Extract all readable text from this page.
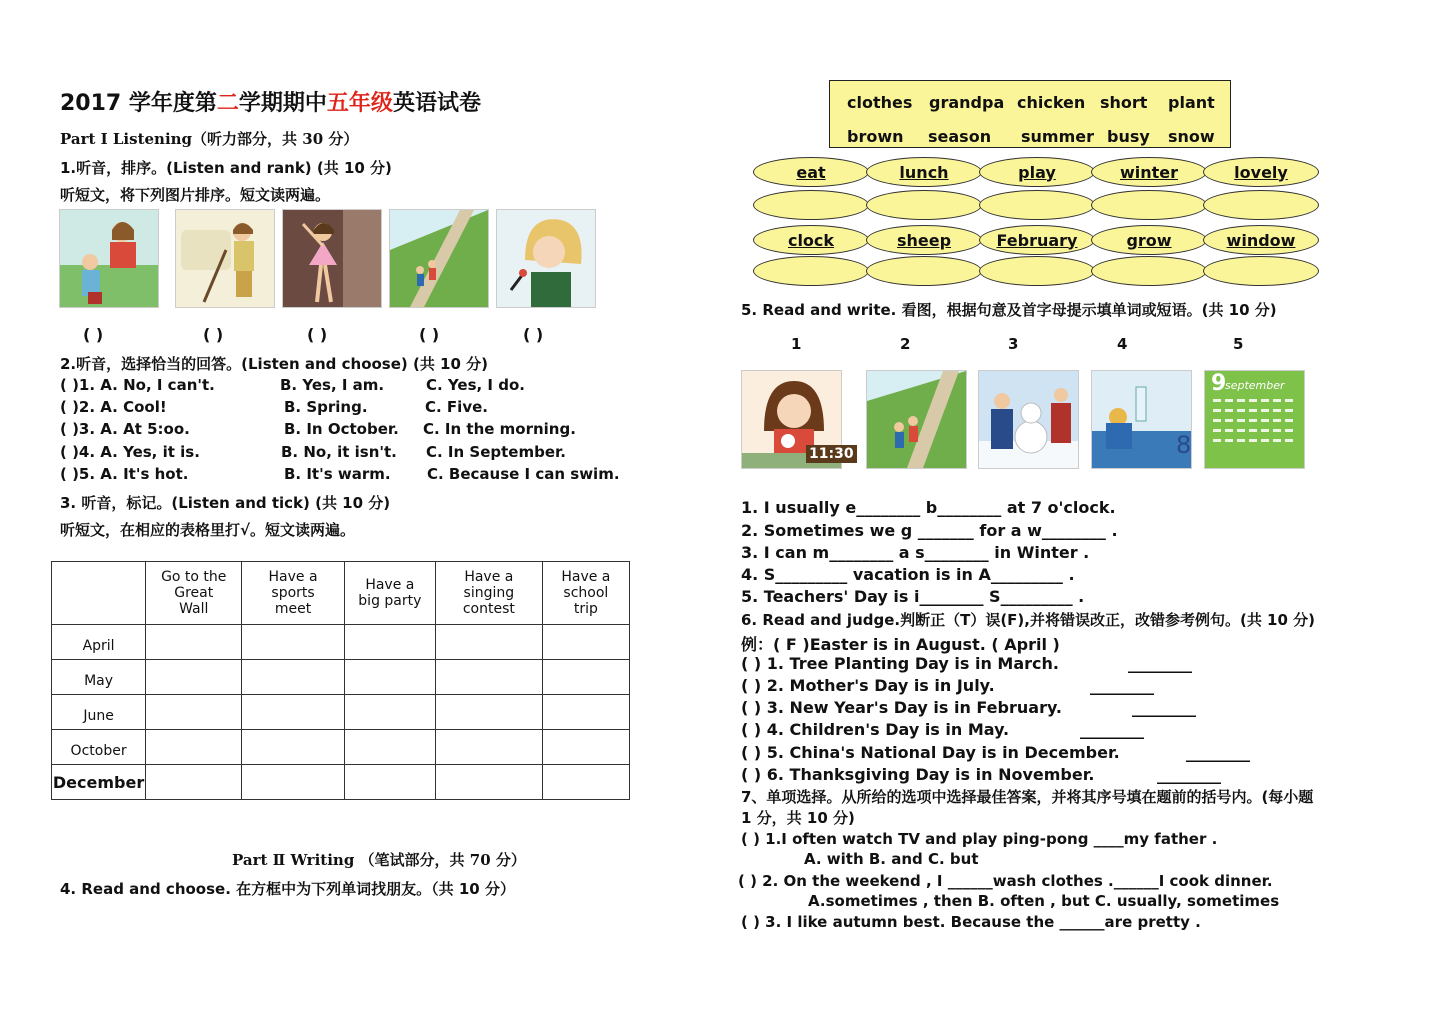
2017 学年度第二学期期中五年级英语试卷
Part Ⅰ Listening（听力部分，共 30 分）
1.听音，排序。(Listen and rank) (共 10 分)
听短文，将下列图片排序。短文读两遍。
( )	( )	( )	( )	( )
2.听音，选择恰当的回答。(Listen and choose) (共 10 分)
( )1. A. No, I can't.	B. Yes, I am.	C. Yes, I do.
( )2. A. Cool!	B. Spring.	C. Five.
( )3. A. At 5:oo.	B. In October. C. In the morning.
( )4. A. Yes, it is.	B. No, it isn't. C. In September.
( )5. A. It's hot.	B. It's warm. C. Because I can swim.
3. 听音，标记。(Listen and tick) (共 10 分)
听短文，在相应的表格里打√。短文读两遍。
	Go to the Great Wall	Have a sports meet	Have a big party	Have a singing contest	Have a school trip
April					
May					
June					
October					
December					
Part Ⅱ Writing （笔试部分，共 70 分）
4. Read and choose. 在方框中为下列单词找朋友。（共 10 分）
clothes grandpa chicken short plant
brown season summer busy snow
eat	lunch	play	winter	lovely
clock	sheep	February	grow	window
5. Read and write. 看图，根据句意及首字母提示填单词或短语。(共 10 分)
1	2	3	4	5
11:30	8
9
september
1. I usually e________ b________ at 7 o'clock.
2. Sometimes we g _______ for a w________ .
3. I can m________ a s________ in Winter .
4. S_________ vacation is in A_________ .
5. Teachers' Day is i________ S_________ .
6. Read and judge.判断正（T）误(F),并将错误改正，改错参考例句。(共 10 分)
例：( F )Easter is in August. ( April )
( ) 1. Tree Planting Day is in March.	________
( ) 2. Mother's Day is in July.	________
( ) 3. New Year's Day is in February.	________
( ) 4. Children's Day is in May.	________
( ) 5. China's National Day is in December.	________
( ) 6. Thanksgiving Day is in November.	________
7、单项选择。从所给的选项中选择最佳答案，并将其序号填在题前的括号内。(每小题
1 分，共 10 分)
( ) 1.I often watch TV and play ping-pong ____my father .
A. with B. and C. but
( ) 2. On the weekend , I ______wash clothes .______I cook dinner.
A.sometimes , then B. often , but C. usually, sometimes
( ) 3. I like autumn best. Because the ______are pretty .
